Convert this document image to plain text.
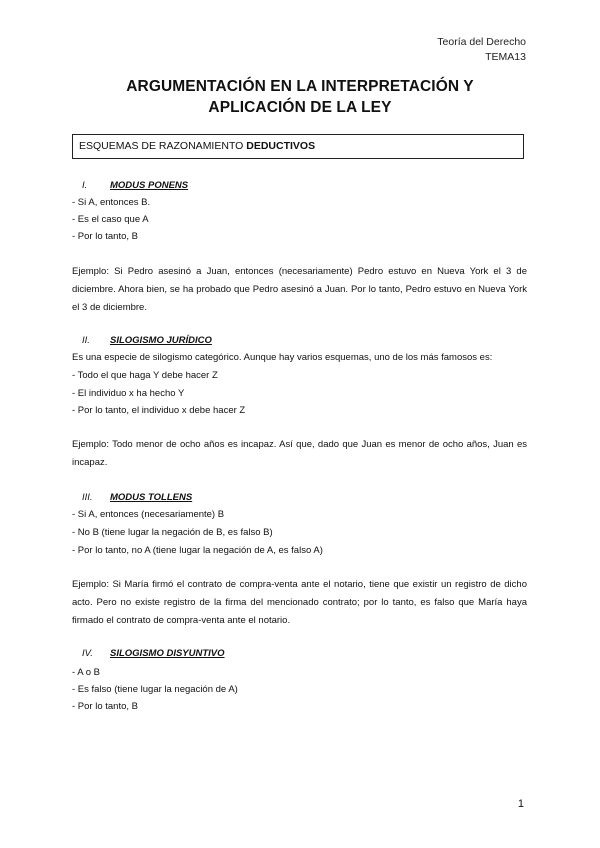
Teoría del Derecho
TEMA13
ARGUMENTACIÓN EN LA INTERPRETACIÓN Y
APLICACIÓN DE LA LEY
ESQUEMAS DE RAZONAMIENTO DEDUCTIVOS
I. MODUS PONENS
- Si A, entonces B.
- Es el caso que A
- Por lo tanto, B
Ejemplo: Si Pedro asesinó a Juan, entonces (necesariamente) Pedro estuvo en Nueva York el 3 de diciembre. Ahora bien, se ha probado que Pedro asesinó a Juan. Por lo tanto, Pedro estuvo en Nueva York el 3 de diciembre.
II. SILOGISMO JURÍDICO
Es una especie de silogismo categórico. Aunque hay varios esquemas, uno de los más famosos es:
- Todo el que haga Y debe hacer Z
- El individuo x ha hecho Y
- Por lo tanto, el individuo x debe hacer Z
Ejemplo: Todo menor de ocho años es incapaz. Así que, dado que Juan es menor de ocho años, Juan es incapaz.
III. MODUS TOLLENS
- Si A, entonces (necesariamente) B
- No B (tiene lugar la negación de B, es falso B)
- Por lo tanto, no A (tiene lugar la negación de A, es falso A)
Ejemplo: Si María firmó el contrato de compra-venta ante el notario, tiene que existir un registro de dicho acto. Pero no existe registro de la firma del mencionado contrato; por lo tanto, es falso que María haya firmado el contrato de compra-venta ante el notario.
IV. SILOGISMO DISYUNTIVO
- A o B
- Es falso (tiene lugar la negación de A)
- Por lo tanto, B
1
